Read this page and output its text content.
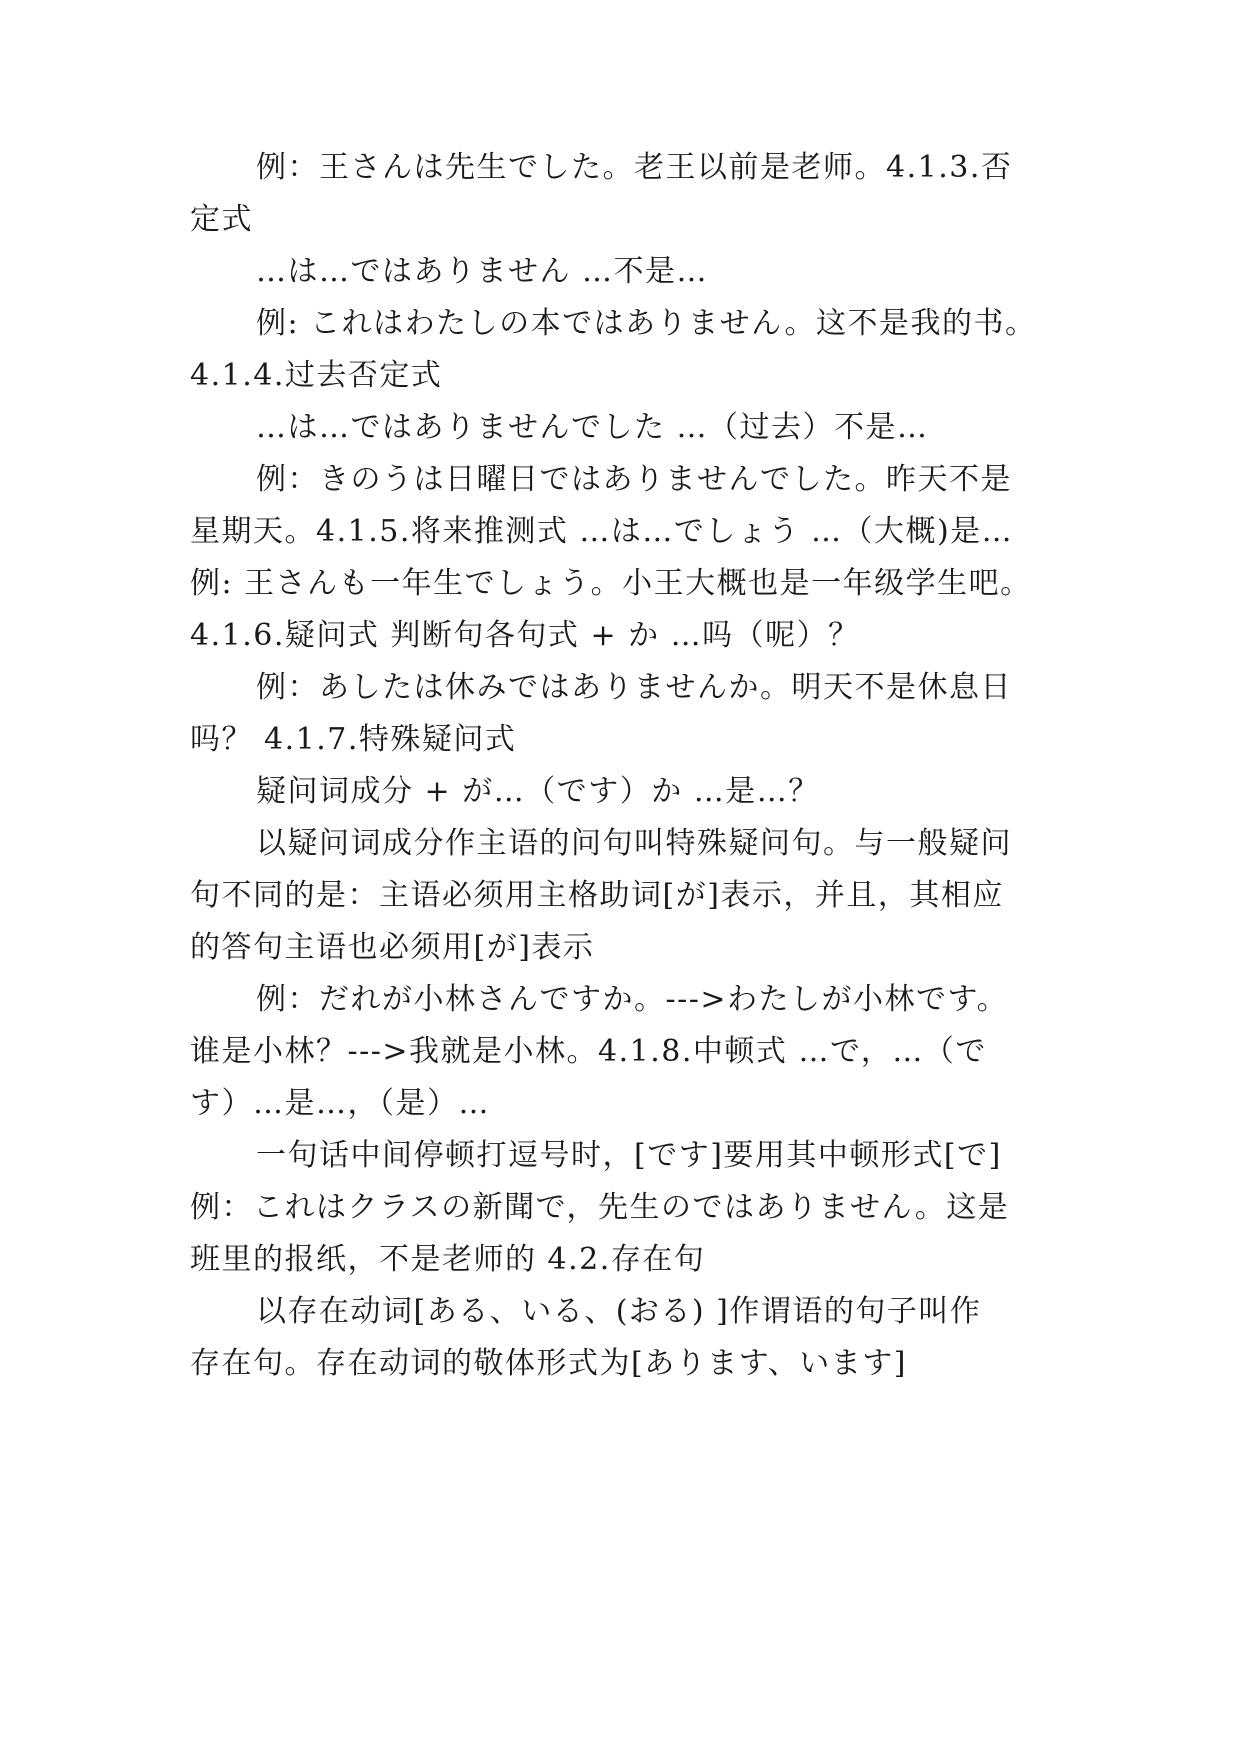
例：王さんは先生でした。老王以前是老师。4.1.3.否
定式
…は…ではありません …不是…
例: これはわたしの本ではありません。这不是我的书。
4.1.4.过去否定式
…は…ではありませんでした …（过去）不是…
例：きのうは日曜日ではありませんでした。昨天不是
星期天。4.1.5.将来推测式 …は…でしょう …（大概)是…
例: 王さんも一年生でしょう。小王大概也是一年级学生吧。
4.1.6.疑问式 判断句各句式 + か …吗（呢）？
例：あしたは休みではありませんか。明天不是休息日
吗？ 4.1.7.特殊疑问式
疑问词成分 + が…（です）か …是…？
以疑问词成分作主语的问句叫特殊疑问句。与一般疑问
句不同的是：主语必须用主格助词[が]表示，并且，其相应
的答句主语也必须用[が]表示
例：だれが小林さんですか。--->わたしが小林です。
谁是小林？--->我就是小林。4.1.8.中顿式 …で，…（で
す）…是…，（是）…
一句话中间停顿打逗号时，[です]要用其中顿形式[で]
例：これはクラスの新聞で，先生のではありません。这是
班里的报纸，不是老师的 4.2.存在句
以存在动词[ある、いる、(おる) ]作谓语的句子叫作
存在句。存在动词的敬体形式为[あります、います]
